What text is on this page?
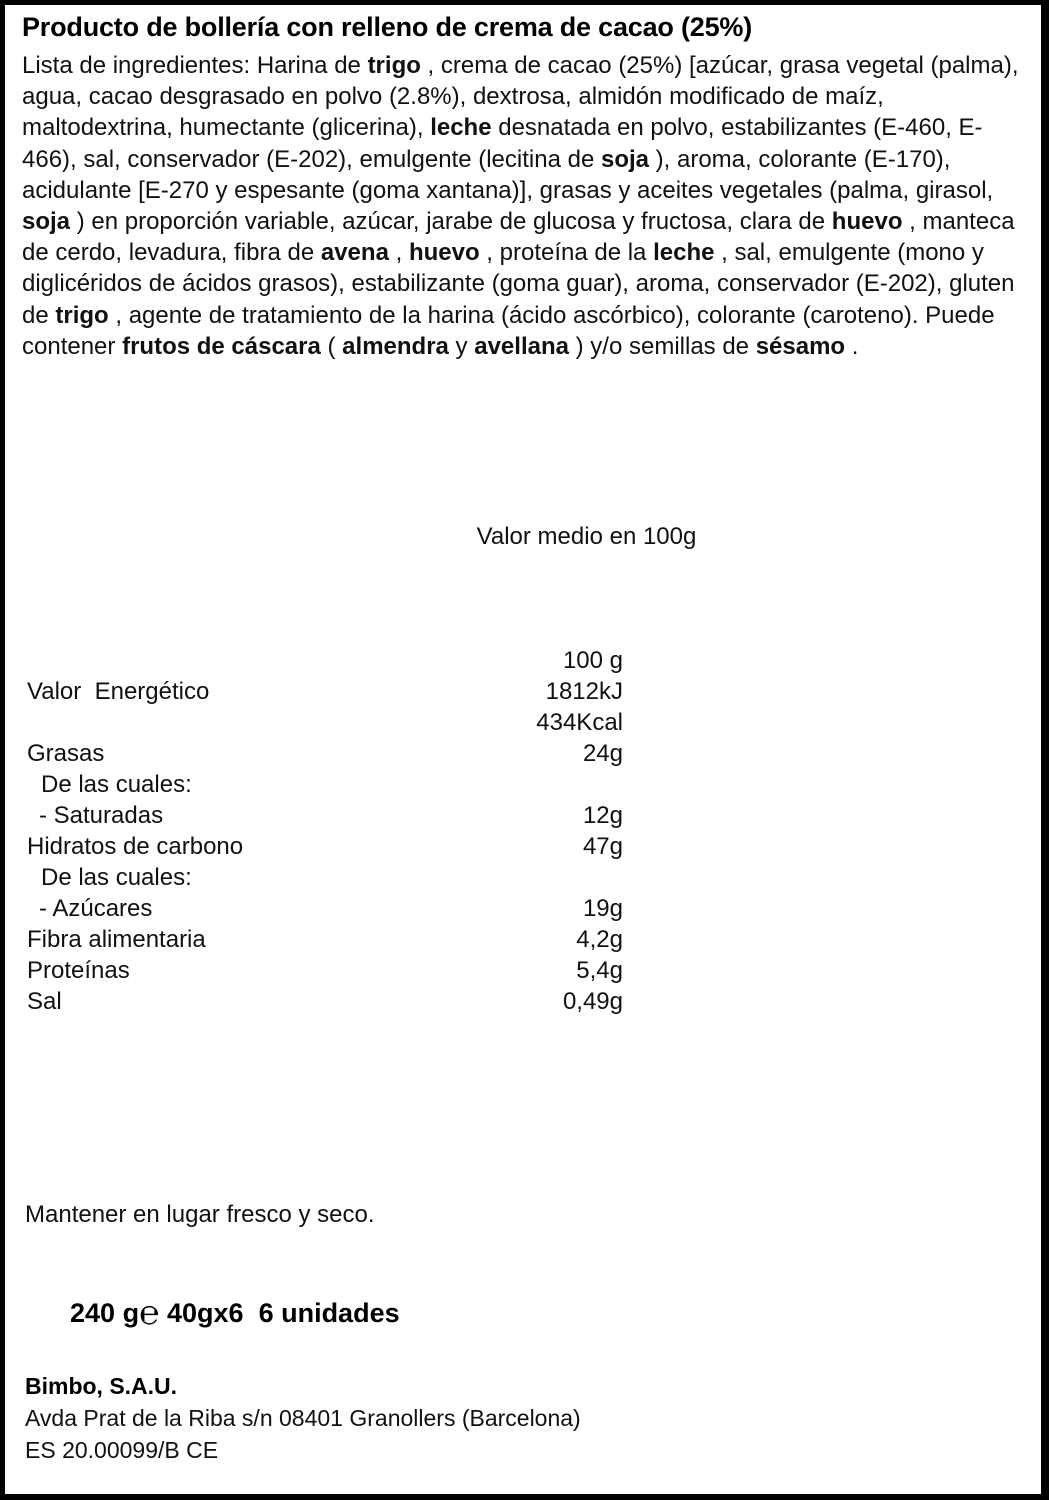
Producto de bollería con relleno de crema de cacao (25%)
Lista de ingredientes: Harina de trigo , crema de cacao (25%) [azúcar, grasa vegetal (palma), agua, cacao desgrasado en polvo (2.8%), dextrosa, almidón modificado de maíz, maltodextrina, humectante (glicerina), leche desnatada en polvo, estabilizantes (E-460, E-466), sal, conservador (E-202), emulgente (lecitina de soja ), aroma, colorante (E-170), acidulante [E-270 y espesante (goma xantana)], grasas y aceites vegetales (palma, girasol, soja ) en proporción variable, azúcar, jarabe de glucosa y fructosa, clara de huevo , manteca de cerdo, levadura, fibra de avena , huevo , proteína de la leche , sal, emulgente (mono y diglicéridos de ácidos grasos), estabilizante (goma guar), aroma, conservador (E-202), gluten de trigo , agente de tratamiento de la harina (ácido ascórbico), colorante (caroteno). Puede contener frutos de cáscara ( almendra y avellana ) y/o semillas de sésamo .
Valor medio en 100g
100 g
Valor  Energético	1812kJ
434Kcal
Grasas	24g
De las cuales:
- Saturadas	12g
Hidratos de carbono	47g
De las cuales:
- Azúcares	19g
Fibra alimentaria	4,2g
Proteínas	5,4g
Sal	0,49g
Mantener en lugar fresco y seco.

240 g℮ 40gx6 6 unidades

Bimbo, S.A.U.
Avda Prat de la Riba s/n 08401 Granollers (Barcelona)
ES 20.00099/B CE
